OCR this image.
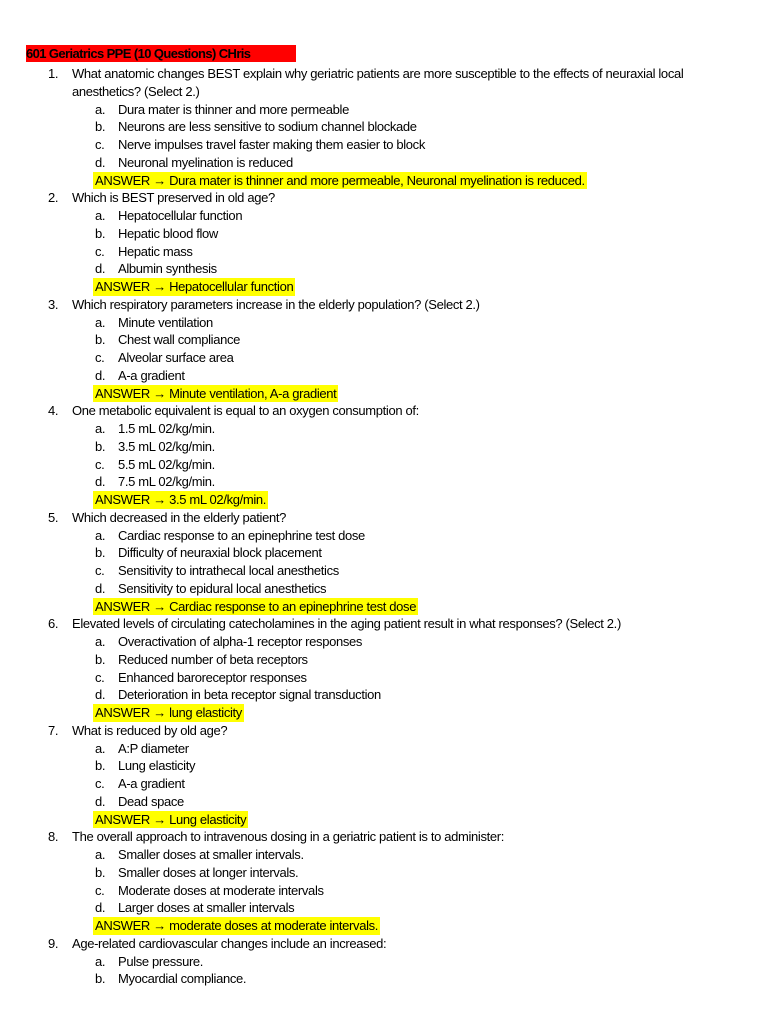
601 Geriatrics PPE (10 Questions) CHris
1. What anatomic changes BEST explain why geriatric patients are more susceptible to the effects of neuraxial local
anesthetics? (Select 2.)
a. Dura mater is thinner and more permeable
b. Neurons are less sensitive to sodium channel blockade
c. Nerve impulses travel faster making them easier to block
d. Neuronal myelination is reduced
ANSWER → Dura mater is thinner and more permeable, Neuronal myelination is reduced.
2. Which is BEST preserved in old age?
a. Hepatocellular function
b. Hepatic blood flow
c. Hepatic mass
d. Albumin synthesis
ANSWER → Hepatocellular function
3. Which respiratory parameters increase in the elderly population? (Select 2.)
a. Minute ventilation
b. Chest wall compliance
c. Alveolar surface area
d. A-a gradient
ANSWER → Minute ventilation, A-a gradient
4. One metabolic equivalent is equal to an oxygen consumption of:
a. 1.5 mL 02/kg/min.
b. 3.5 mL 02/kg/min.
c. 5.5 mL 02/kg/min.
d. 7.5 mL 02/kg/min.
ANSWER → 3.5 mL 02/kg/min.
5. Which decreased in the elderly patient?
a. Cardiac response to an epinephrine test dose
b. Difficulty of neuraxial block placement
c. Sensitivity to intrathecal local anesthetics
d. Sensitivity to epidural local anesthetics
ANSWER → Cardiac response to an epinephrine test dose
6. Elevated levels of circulating catecholamines in the aging patient result in what responses? (Select 2.)
a. Overactivation of alpha-1 receptor responses
b. Reduced number of beta receptors
c. Enhanced baroreceptor responses
d. Deterioration in beta receptor signal transduction
ANSWER → lung elasticity
7. What is reduced by old age?
a. A:P diameter
b. Lung elasticity
c. A-a gradient
d. Dead space
ANSWER → Lung elasticity
8. The overall approach to intravenous dosing in a geriatric patient is to administer:
a. Smaller doses at smaller intervals.
b. Smaller doses at longer intervals.
c. Moderate doses at moderate intervals
d. Larger doses at smaller intervals
ANSWER → moderate doses at moderate intervals.
9. Age-related cardiovascular changes include an increased:
a. Pulse pressure.
b. Myocardial compliance.
